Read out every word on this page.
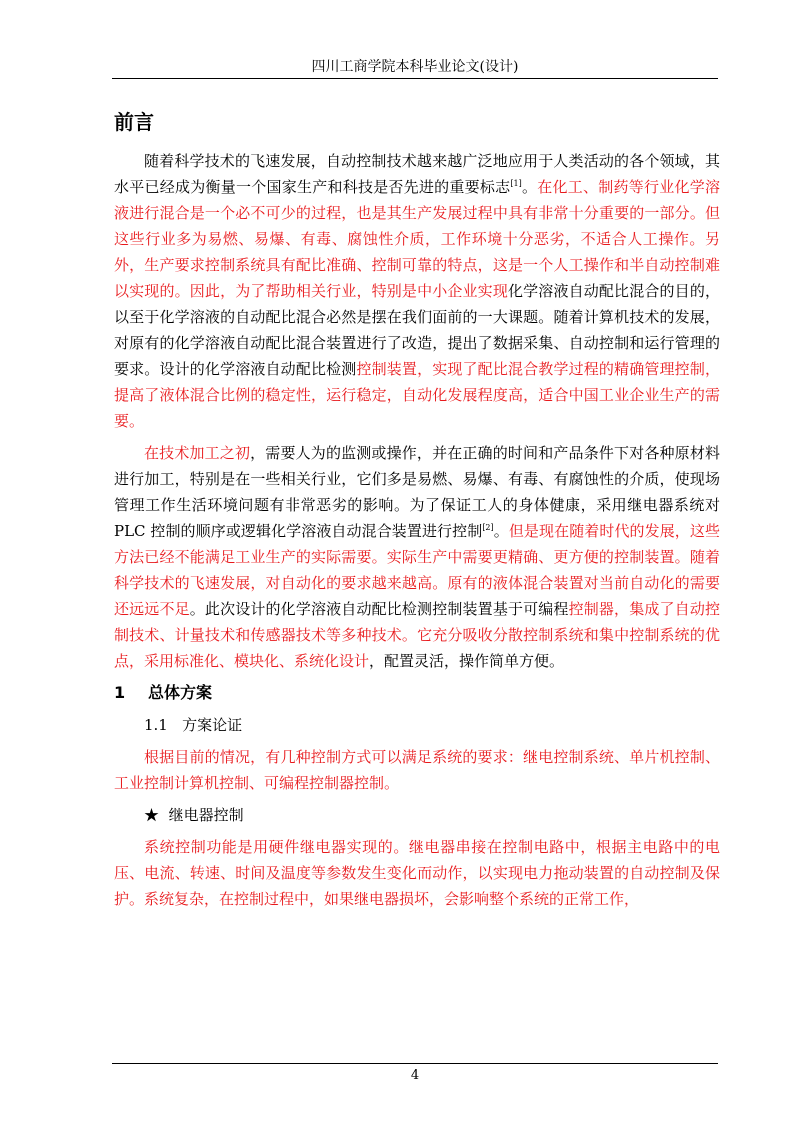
四川工商学院本科毕业论文(设计)
前言

随着科学技术的飞速发展，自动控制技术越来越广泛地应用于人类活动的各个领域，其水平已经成为衡量一个国家生产和科技是否先进的重要标志[1]。在化工、制药等行业化学溶液进行混合是一个必不可少的过程，也是其生产发展过程中具有非常十分重要的一部分。但这些行业多为易燃、易爆、有毒、腐蚀性介质，工作环境十分恶劣，不适合人工操作。另外，生产要求控制系统具有配比准确、控制可靠的特点，这是一个人工操作和半自动控制难以实现的。因此，为了帮助相关行业，特别是中小企业实现化学溶液自动配比混合的目的，以至于化学溶液的自动配比混合必然是摆在我们面前的一大课题。随着计算机技术的发展，对原有的化学溶液自动配比混合装置进行了改造，提出了数据采集、自动控制和运行管理的要求。设计的化学溶液自动配比检测控制装置，实现了配比混合教学过程的精确管理控制，提高了液体混合比例的稳定性，运行稳定，自动化发展程度高，适合中国工业企业生产的需要。

在技术加工之初，需要人为的监测或操作，并在正确的时间和产品条件下对各种原材料进行加工，特别是在一些相关行业，它们多是易燃、易爆、有毒、有腐蚀性的介质，使现场管理工作生活环境问题有非常恶劣的影响。为了保证工人的身体健康，采用继电器系统对 PLC 控制的顺序或逻辑化学溶液自动混合装置进行控制[2]。但是现在随着时代的发展，这些方法已经不能满足工业生产的实际需要。实际生产中需要更精确、更方便的控制装置。随着科学技术的飞速发展，对自动化的要求越来越高。原有的液体混合装置对当前自动化的需要还远远不足。此次设计的化学溶液自动配比检测控制装置基于可编程控制器，集成了自动控制技术、计量技术和传感器技术等多种技术。它充分吸收分散控制系统和集中控制系统的优点，采用标准化、模块化、系统化设计，配置灵活，操作简单方便。

1 总体方案
1.1 方案论证

根据目前的情况，有几种控制方式可以满足系统的要求：继电控制系统、单片机控制、工业控制计算机控制、可编程控制器控制。

★ 继电器控制

系统控制功能是用硬件继电器实现的。继电器串接在控制电路中，根据主电路中的电压、电流、转速、时间及温度等参数发生变化而动作，以实现电力拖动装置的自动控制及保护。系统复杂，在控制过程中，如果继电器损坏，会影响整个系统的正常工作，

4
